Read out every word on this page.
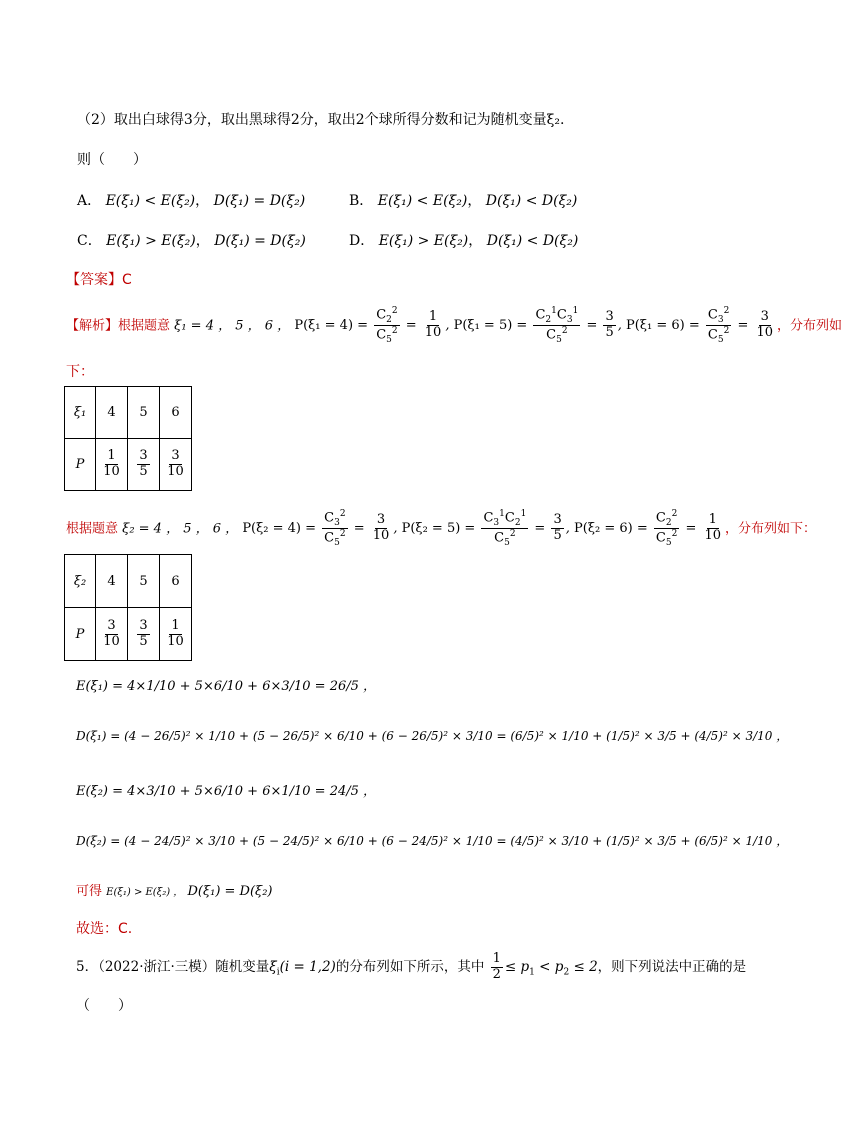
（2）取出白球得3分，取出黑球得2分，取出2个球所得分数和记为随机变量ξ₂.
则（　　）
A． E(ξ₁) < E(ξ₂)， D(ξ₁) = D(ξ₂)	B． E(ξ₁) < E(ξ₂)， D(ξ₁) < D(ξ₂)
C． E(ξ₁) > E(ξ₂)， D(ξ₁) = D(ξ₂)	D． E(ξ₁) > E(ξ₂)， D(ξ₁) < D(ξ₂)
【答案】C
【解析】根据题意 ξ₁ = 4 ， 5 ， 6 ， $P(\xi_1 = 4) = \frac{C_2^2}{C_5^2} = \frac{1}{10}$ , $P(\xi_1 = 5) = \frac{C_2^1C_3^1}{C_5^2} = \frac{3}{5}$ , $P(\xi_1 = 6) = \frac{C_3^2}{C_5^2} = \frac{3}{10}$ ，分布列如
下：
ξ₁	4	5	6
P	$\frac{1}{10}$	$\frac{3}{5}$	$\frac{3}{10}$
根据题意 ξ₂ = 4 ， 5 ， 6 ， $P(\xi_2 = 4) = \frac{C_3^2}{C_5^2} = \frac{3}{10}$ , $P(\xi_2 = 5) = \frac{C_3^1C_2^1}{C_5^2} = \frac{3}{5}$ , $P(\xi_2 = 6) = \frac{C_2^2}{C_5^2} = \frac{1}{10}$ ，分布列如下：
ξ₂	4	5	6
P	$\frac{3}{10}$	$\frac{3}{5}$	$\frac{1}{10}$
E(ξ₁) = 4×1/10 + 5×6/10 + 6×3/10 = 26/5 ，
D(ξ₁) = (4 − 26/5)² × 1/10 + (5 − 26/5)² × 6/10 + (6 − 26/5)² × 3/10 = (6/5)² × 1/10 + (1/5)² × 3/5 + (4/5)² × 3/10 ，
E(ξ₂) = 4×3/10 + 5×6/10 + 6×1/10 = 24/5 ，
D(ξ₂) = (4 − 24/5)² × 3/10 + (5 − 24/5)² × 6/10 + (6 − 24/5)² × 1/10 = (4/5)² × 3/10 + (1/5)² × 3/5 + (6/5)² × 1/10 ，
可得 E(ξ₁) > E(ξ₂) ， D(ξ₁) = D(ξ₂)
故选：C.
5．（2022·浙江·三模）随机变量$\xi_i(i = 1,2)$的分布列如下所示，其中 $\frac{1}{2} \le p_1 < p_2 \le 2$，则下列说法中正确的是
（　　）
